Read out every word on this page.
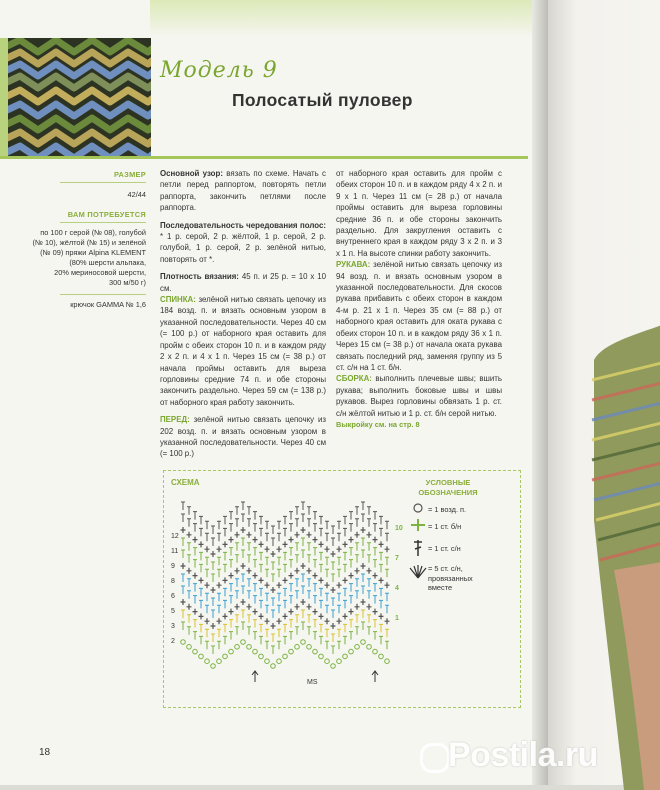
Модель 9
Полосатый пуловер
РАЗМЕР
42/44
ВАМ ПОТРЕБУЕТСЯ
по 100 г серой (№ 08), голубой
(№ 10), жёлтой (№ 15) и зелёной
(№ 09) пряжи Alpina KLEMENT
(80% шерсти альпака,
20% мериносовой шерсти,
300 м/50 г)
крючок GAMMA № 1,6

Основной узор: вязать по схеме. Начать с петли перед раппортом, повторять петли раппорта, закончить петлями после раппорта.

Последовательность чередования полос: * 1 р. серой, 2 р. жёлтой, 1 р. серой, 2 р. голубой, 1 р. серой, 2 р. зелёной нитью, повторять от *.

Плотность вязания: 45 п. и 25 р. = 10 х 10 см.

СПИНКА: зелёной нитью связать цепочку из 184 возд. п. и вязать основным узором в указанной последовательности. Через 40 см (= 100 р.) от наборного края оставить для пройм с обеих сторон 10 п. и в каждом ряду 2 х 2 п. и 4 х 1 п. Через 15 см (= 38 р.) от начала проймы оставить для выреза горловины средние 74 п. и обе стороны закончить раздельно. Через 59 см (= 138 р.) от наборного края работу закончить.

ПЕРЕД: зелёной нитью связать цепочку из 202 возд. п. и вязать основным узором в указанной последовательности. Через 40 см (= 100 р.)

от наборного края оставить для пройм с обеих сторон 10 п. и в каждом ряду 4 х 2 п. и 9 х 1 п. Через 11 см (= 28 р.) от начала проймы оставить для выреза горловины средние 36 п. и обе стороны закончить раздельно. Для закругления оставить с внутреннего края в каждом ряду 3 х 2 п. и 3 х 1 п. На высоте спинки работу закончить.

РУКАВА: зелёной нитью связать цепочку из 94 возд. п. и вязать основным узором в указанной последовательности. Для скосов рукава прибавить с обеих сторон в каждом 4-м р. 21 х 1 п. Через 35 см (= 88 р.) от наборного края оставить для оката рукава с обеих сторон 10 п. и в каждом ряду 36 х 1 п. Через 15 см (= 38 р.) от начала оката рукава связать последний ряд, заменяя группу из 5 ст. с/н на 1 ст. б/н.

СБОРКА: выполнить плечевые швы; вшить рукава; выполнить боковые швы и швы рукавов. Вырез горловины обвязать 1 р. ст. с/н жёлтой нитью и 1 р. ст. б/н серой нитью.

Выкройку см. на стр. 8

СХЕМА
12
11
9
8
6
5
3
2
10
7
4
1
MS
УСЛОВНЫЕ ОБОЗНАЧЕНИЯ
= 1 возд. п.
= 1 ст. б/н
= 1 ст. с/н
= 5 ст. с/н, провязанных вместе
18	Postila.ru
